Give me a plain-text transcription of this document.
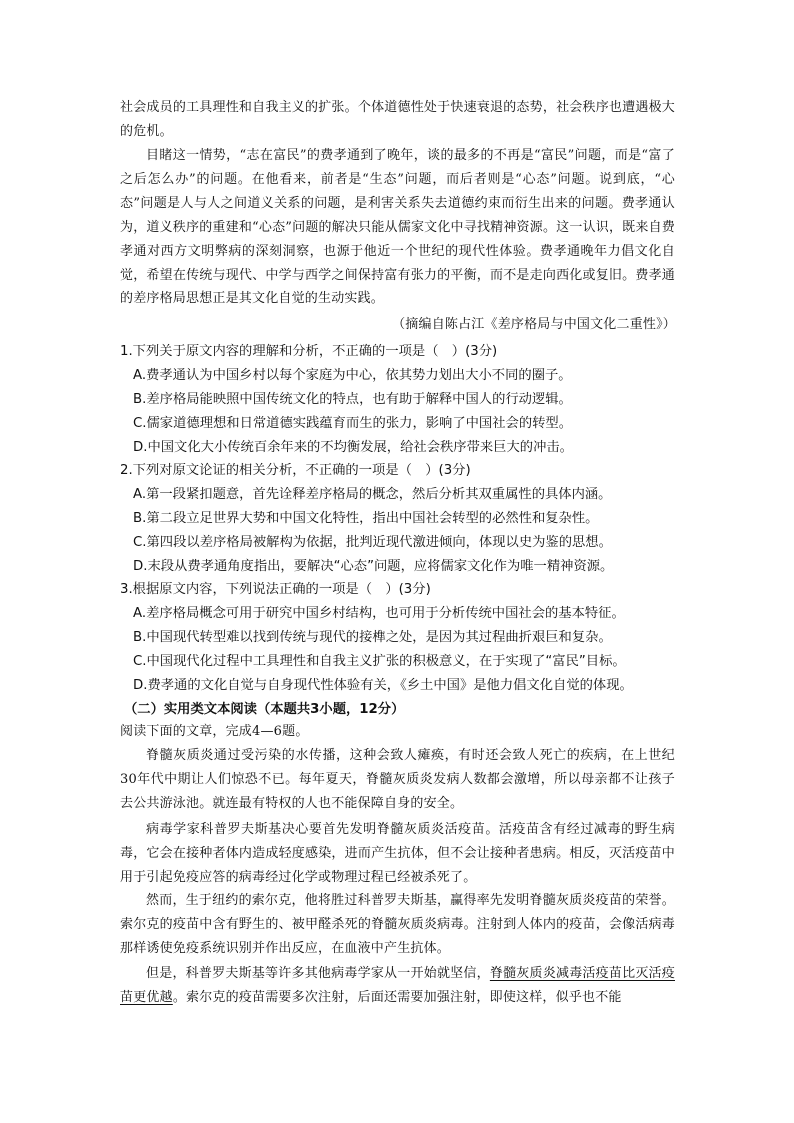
社会成员的工具理性和自我主义的扩张。个体道德性处于快速衰退的态势，社会秩序也遭遇极大的危机。

目睹这一情势，“志在富民”的费孝通到了晚年，谈的最多的不再是“富民”问题，而是“富了之后怎么办”的问题。在他看来，前者是“生态”问题，而后者则是“心态”问题。说到底，“心态”问题是人与人之间道义关系的问题，是利害关系失去道德约束而衍生出来的问题。费孝通认为，道义秩序的重建和“心态”问题的解决只能从儒家文化中寻找精神资源。这一认识，既来自费孝通对西方文明弊病的深刻洞察，也源于他近一个世纪的现代性体验。费孝通晚年力倡文化自觉，希望在传统与现代、中学与西学之间保持富有张力的平衡，而不是走向西化或复旧。费孝通的差序格局思想正是其文化自觉的生动实践。

（摘编自陈占江《差序格局与中国文化二重性》）

1.下列关于原文内容的理解和分析，不正确的一项是（　）(3分)

A.费孝通认为中国乡村以每个家庭为中心，依其势力划出大小不同的圈子。

B.差序格局能映照中国传统文化的特点，也有助于解释中国人的行动逻辑。

C.儒家道德理想和日常道德实践蕴育而生的张力，影响了中国社会的转型。

D.中国文化大小传统百余年来的不均衡发展，给社会秩序带来巨大的冲击。

2.下列对原文论证的相关分析，不正确的一项是（　）(3分)

A.第一段紧扣题意，首先诠释差序格局的概念，然后分析其双重属性的具体内涵。

B.第二段立足世界大势和中国文化特性，指出中国社会转型的必然性和复杂性。

C.第四段以差序格局被解构为依据，批判近现代激进倾向，体现以史为鉴的思想。

D.末段从费孝通角度指出，要解决“心态”问题，应将儒家文化作为唯一精神资源。

3.根据原文内容，下列说法正确的一项是（　）(3分)

A.差序格局概念可用于研究中国乡村结构，也可用于分析传统中国社会的基本特征。

B.中国现代转型难以找到传统与现代的接榫之处，是因为其过程曲折艰巨和复杂。

C.中国现代化过程中工具理性和自我主义扩张的积极意义，在于实现了“富民”目标。

D.费孝通的文化自觉与自身现代性体验有关，《乡土中国》是他力倡文化自觉的体现。

（二）实用类文本阅读（本题共3小题，12分）

阅读下面的文章，完成4—6题。

脊髓灰质炎通过受污染的水传播，这种会致人瘫痪，有时还会致人死亡的疾病，在上世纪30年代中期让人们惊恐不已。每年夏天，脊髓灰质炎发病人数都会激增，所以母亲都不让孩子去公共游泳池。就连最有特权的人也不能保障自身的安全。

病毒学家科普罗夫斯基决心要首先发明脊髓灰质炎活疫苗。活疫苗含有经过减毒的野生病毒，它会在接种者体内造成轻度感染，进而产生抗体，但不会让接种者患病。相反，灭活疫苗中用于引起免疫应答的病毒经过化学或物理过程已经被杀死了。

然而，生于纽约的索尔克，他将胜过科普罗夫斯基，赢得率先发明脊髓灰质炎疫苗的荣誉。索尔克的疫苗中含有野生的、被甲醛杀死的脊髓灰质炎病毒。注射到人体内的疫苗，会像活病毒那样诱使免疫系统识别并作出反应，在血液中产生抗体。

但是，科普罗夫斯基等许多其他病毒学家从一开始就坚信，脊髓灰质炎减毒活疫苗比灭活疫苗更优越。索尔克的疫苗需要多次注射，后面还需要加强注射，即使这样，似乎也不能
